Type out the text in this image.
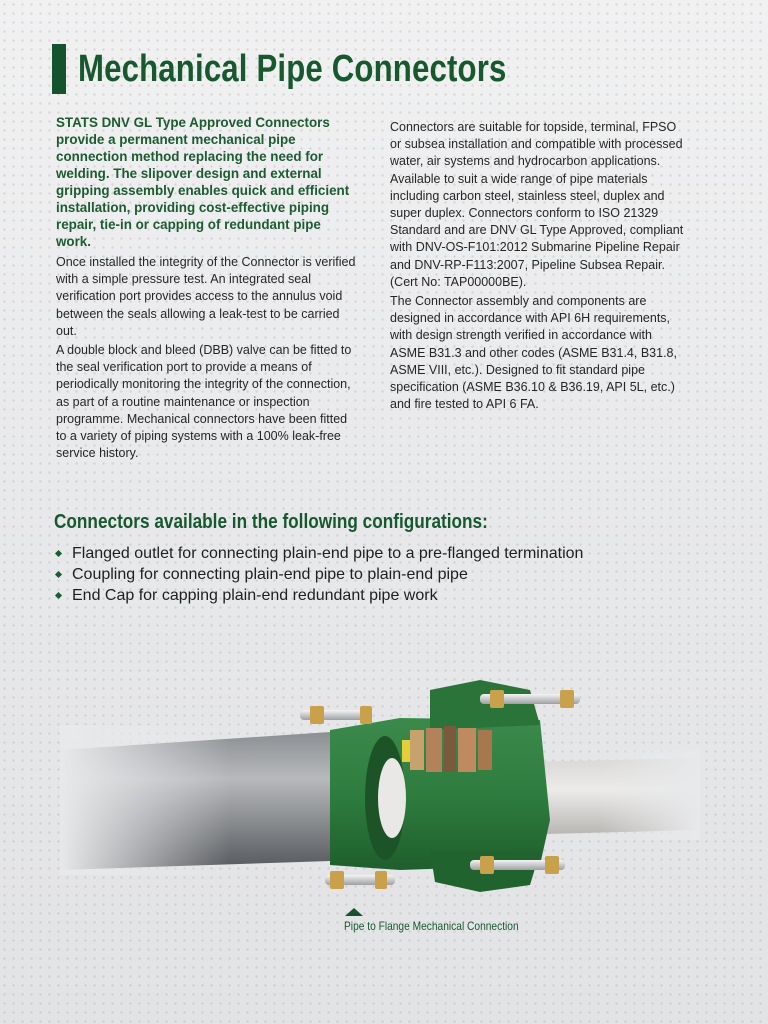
Mechanical Pipe Connectors

STATS DNV GL Type Approved Connectors provide a permanent mechanical pipe connection method replacing the need for welding. The slipover design and external gripping assembly enables quick and efficient installation, providing cost-effective piping repair, tie-in or capping of redundant pipe work.

Once installed the integrity of the Connector is verified with a simple pressure test. An integrated seal verification port provides access to the annulus void between the seals allowing a leak-test to be carried out.

A double block and bleed (DBB) valve can be fitted to the seal verification port to provide a means of periodically monitoring the integrity of the connection, as part of a routine maintenance or inspection programme. Mechanical connectors have been fitted to a variety of piping systems with a 100% leak-free service history.

Connectors are suitable for topside, terminal, FPSO or subsea installation and compatible with processed water, air systems and hydrocarbon applications. Available to suit a wide range of pipe materials including carbon steel, stainless steel, duplex and super duplex. Connectors conform to ISO 21329 Standard and are DNV GL Type Approved, compliant with DNV-OS-F101:2012 Submarine Pipeline Repair and DNV-RP-F113:2007, Pipeline Subsea Repair. (Cert No: TAP00000BE).

The Connector assembly and components are designed in accordance with API 6H requirements, with design strength verified in accordance with ASME B31.3 and other codes (ASME B31.4, B31.8, ASME VIII, etc.). Designed to fit standard pipe specification (ASME B36.10 & B36.19, API 5L, etc.) and fire tested to API 6 FA.

Connectors available in the following configurations:
Flanged outlet for connecting plain-end pipe to a pre-flanged termination
Coupling for connecting plain-end pipe to plain-end pipe
End Cap for capping plain-end redundant pipe work

Pipe to Flange Mechanical Connection
